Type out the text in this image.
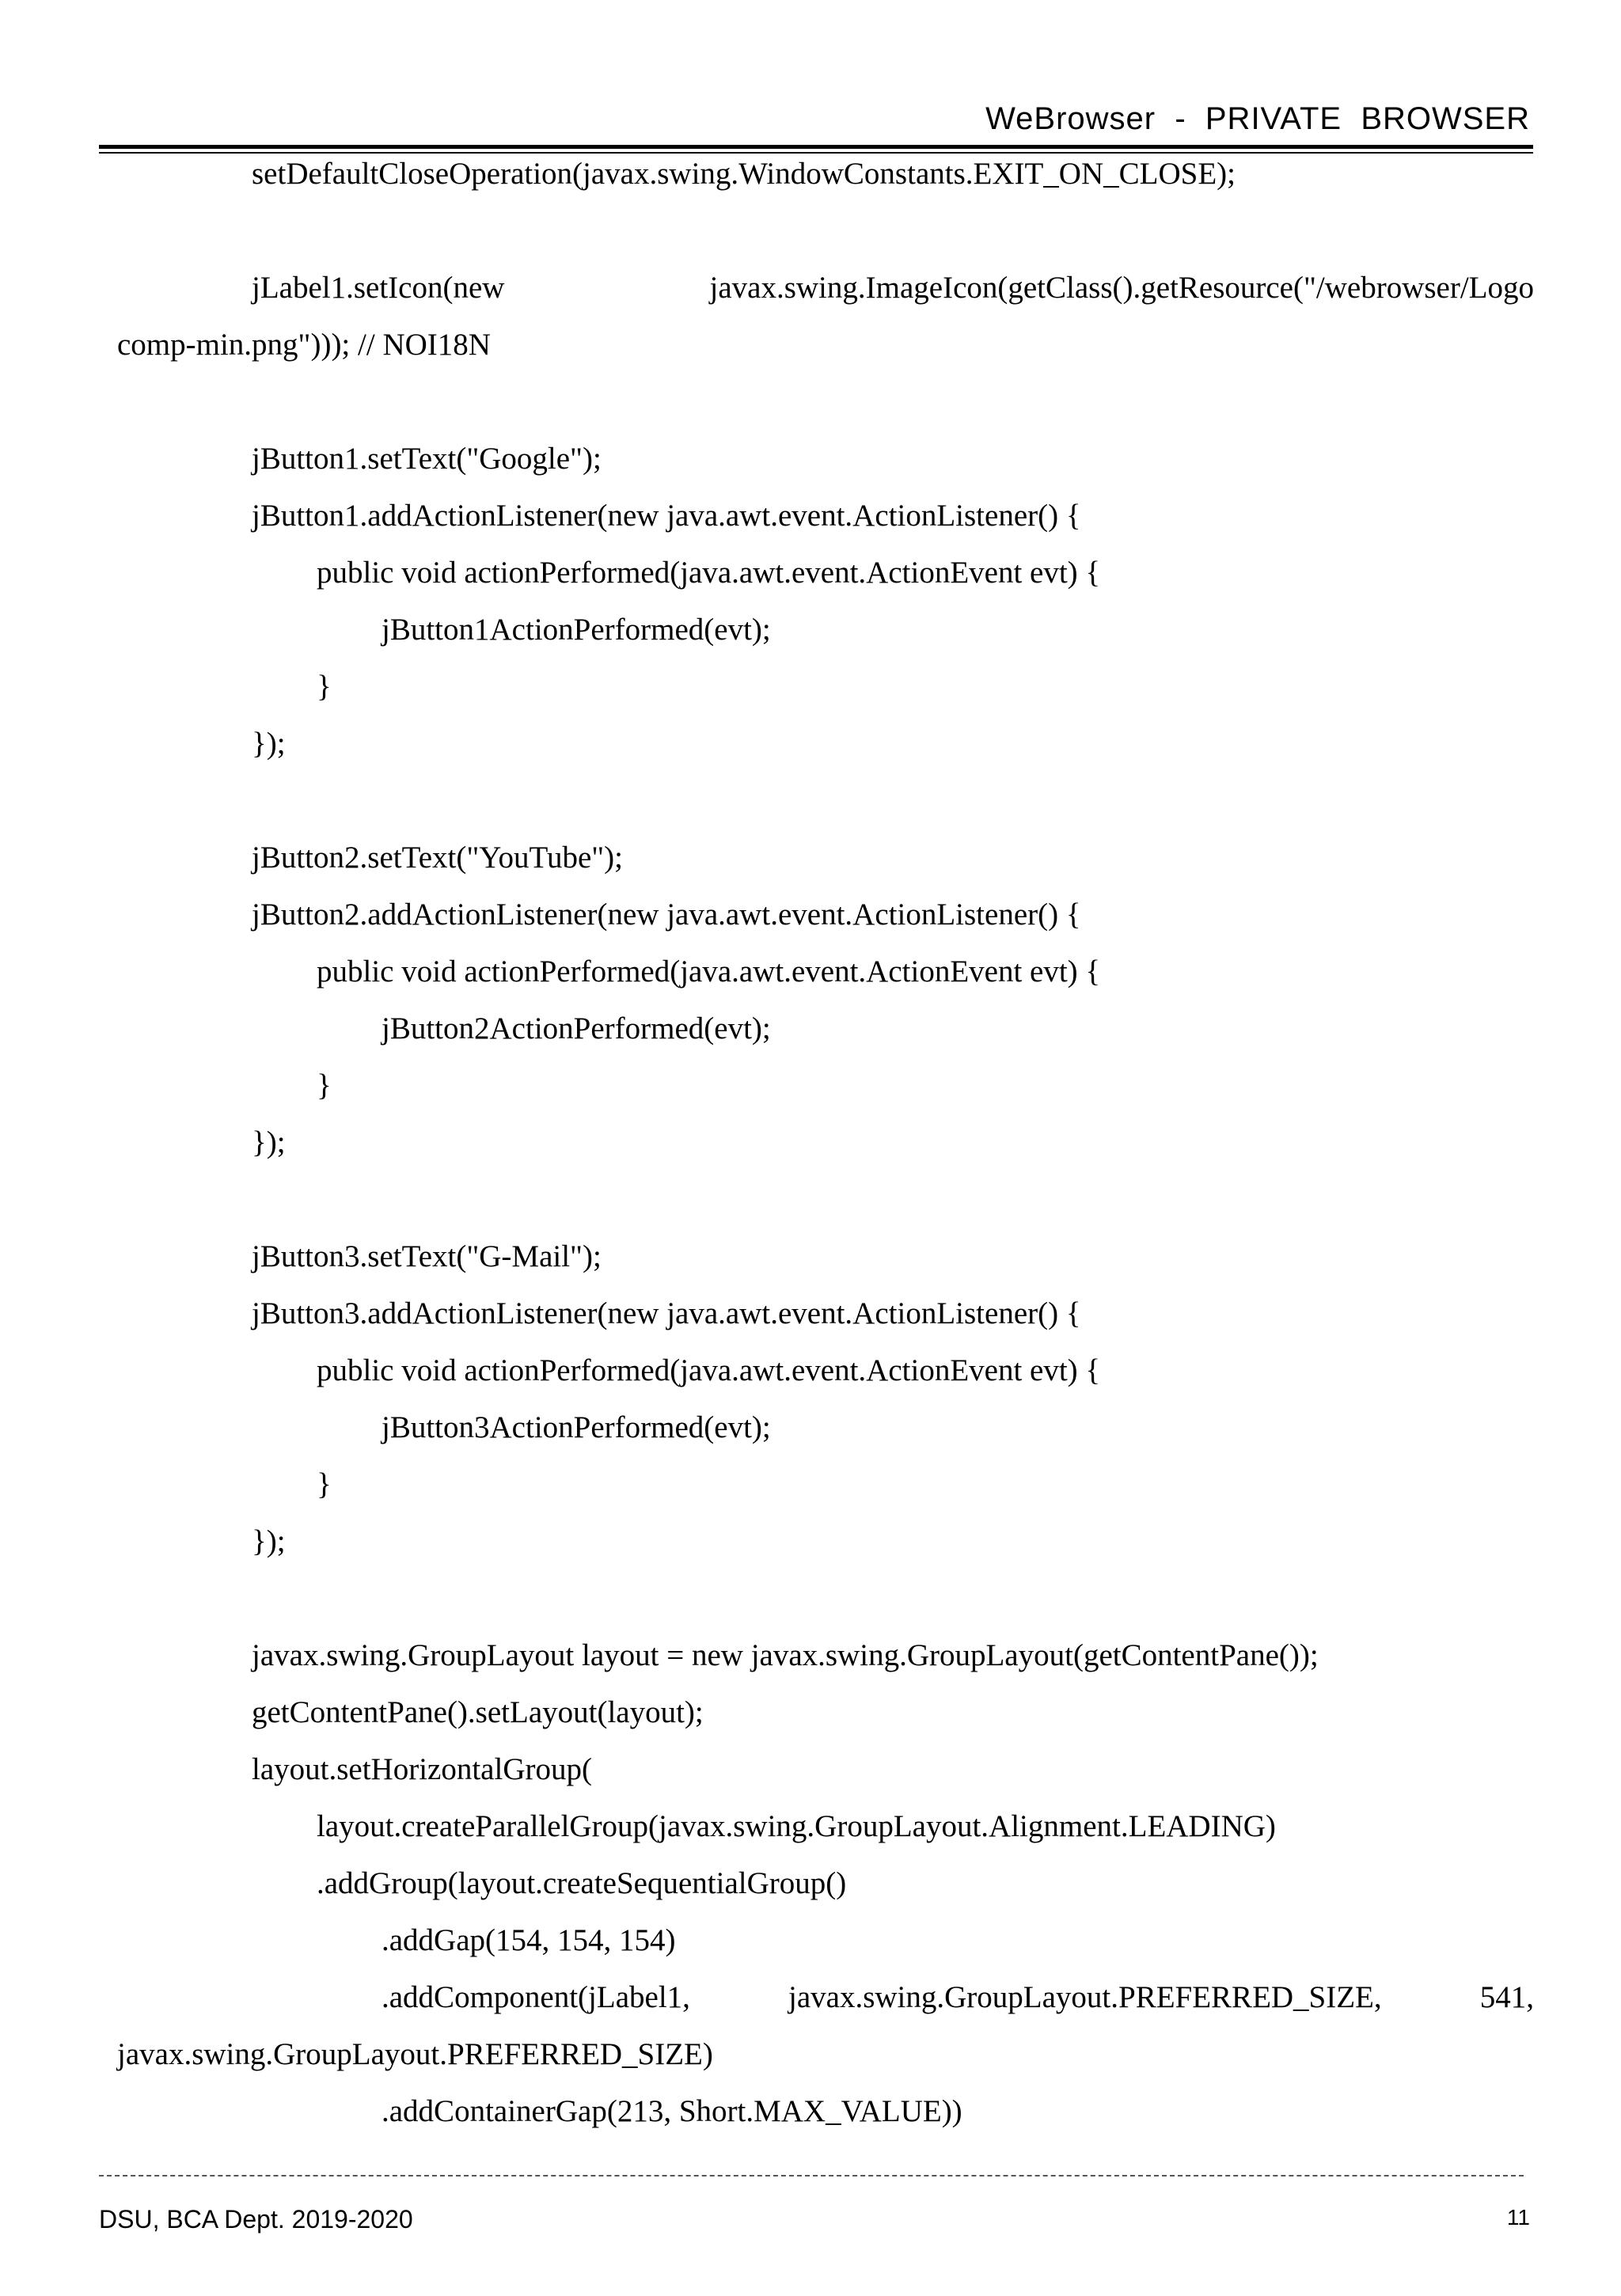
WeBrowser  -  PRIVATE  BROWSER
setDefaultCloseOperation(javax.swing.WindowConstants.EXIT_ON_CLOSE);
jLabel1.setIcon(new	javax.swing.ImageIcon(getClass().getResource("/webrowser/Logo
comp-min.png"))); // NOI18N
jButton1.setText("Google");
jButton1.addActionListener(new java.awt.event.ActionListener() {
public void actionPerformed(java.awt.event.ActionEvent evt) {
jButton1ActionPerformed(evt);
}
});
jButton2.setText("YouTube");
jButton2.addActionListener(new java.awt.event.ActionListener() {
public void actionPerformed(java.awt.event.ActionEvent evt) {
jButton2ActionPerformed(evt);
}
});
jButton3.setText("G-Mail");
jButton3.addActionListener(new java.awt.event.ActionListener() {
public void actionPerformed(java.awt.event.ActionEvent evt) {
jButton3ActionPerformed(evt);
}
});
javax.swing.GroupLayout layout = new javax.swing.GroupLayout(getContentPane());
getContentPane().setLayout(layout);
layout.setHorizontalGroup(
layout.createParallelGroup(javax.swing.GroupLayout.Alignment.LEADING)
.addGroup(layout.createSequentialGroup()
.addGap(154, 154, 154)
.addComponent(jLabel1,	javax.swing.GroupLayout.PREFERRED_SIZE,	541,
javax.swing.GroupLayout.PREFERRED_SIZE)
.addContainerGap(213, Short.MAX_VALUE))
DSU, BCA Dept. 2019-2020	11
